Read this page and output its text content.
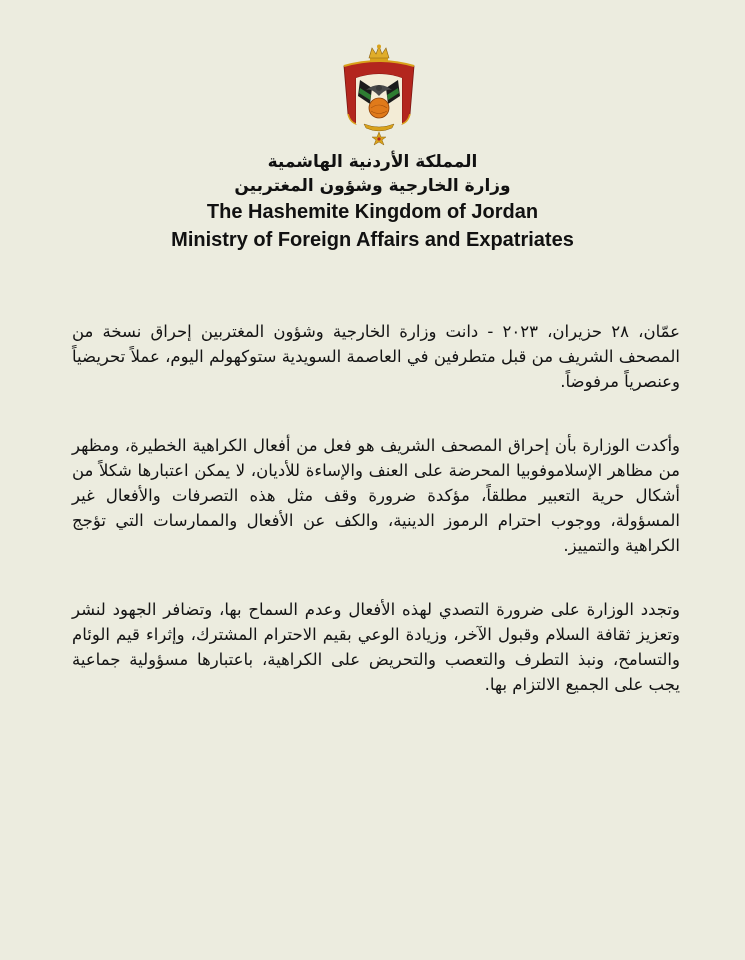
المملكة الأردنية الهاشمية
وزارة الخارجية وشؤون المغتربين
The Hashemite Kingdom of Jordan
Ministry of Foreign Affairs and Expatriates

عمّان، ٢٨ حزيران، ٢٠٢٣ - دانت وزارة الخارجية وشؤون المغتربين إحراق نسخة من المصحف الشريف من قبل متطرفين في العاصمة السويدية ستوكهولم اليوم، عملاً تحريضياً وعنصرياً مرفوضاً.

وأكدت الوزارة بأن إحراق المصحف الشريف هو فعل من أفعال الكراهية الخطيرة، ومظهر من مظاهر الإسلاموفوبيا المحرضة على العنف والإساءة للأديان، لا يمكن اعتبارها شكلاً من أشكال حرية التعبير مطلقاً، مؤكدة ضرورة وقف مثل هذه التصرفات والأفعال غير المسؤولة، ووجوب احترام الرموز الدينية، والكف عن الأفعال والممارسات التي تؤجج الكراهية والتمييز.

وتجدد الوزارة على ضرورة التصدي لهذه الأفعال وعدم السماح بها، وتضافر الجهود لنشر وتعزيز ثقافة السلام وقبول الآخر، وزيادة الوعي بقيم الاحترام المشترك، وإثراء قيم الوئام والتسامح، ونبذ التطرف والتعصب والتحريض على الكراهية، باعتبارها مسؤولية جماعية يجب على الجميع الالتزام بها.
